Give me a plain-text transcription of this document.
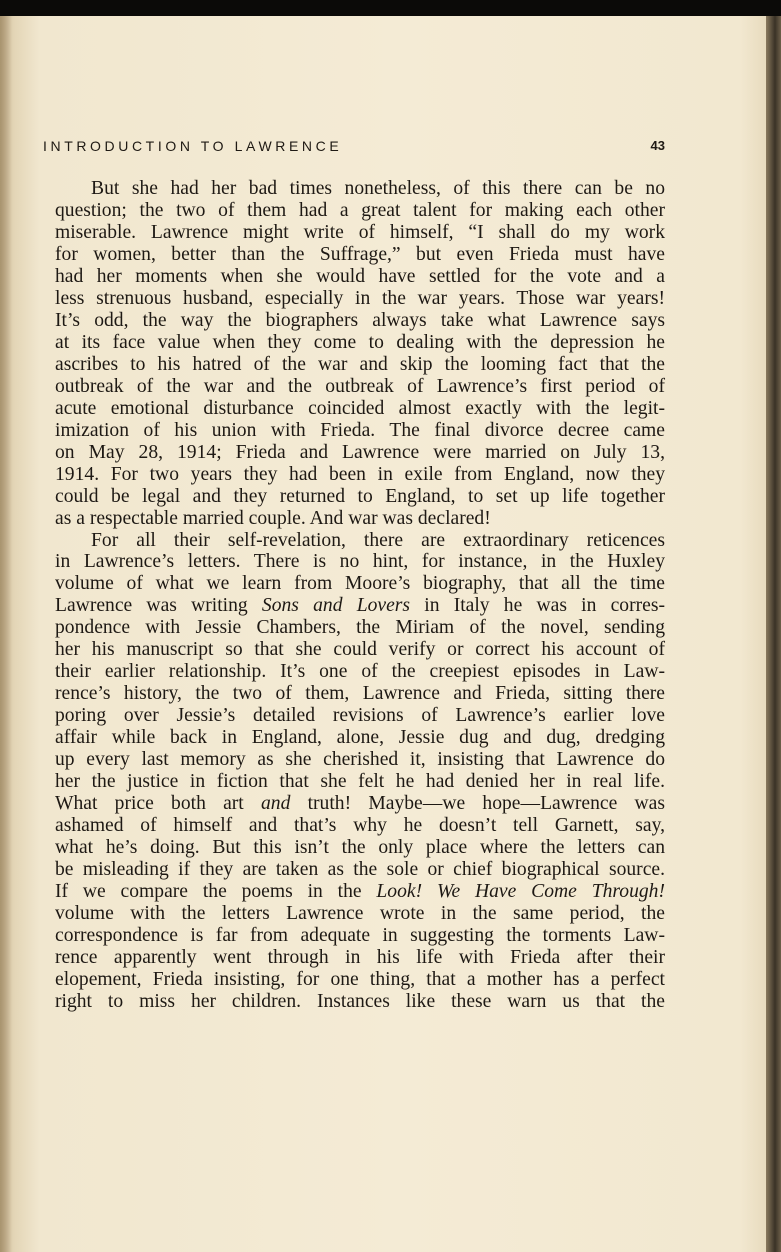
INTRODUCTION TO LAWRENCE	43
But she had her bad times nonetheless, of this there can be no
question; the two of them had a great talent for making each other
miserable. Lawrence might write of himself, “I shall do my work
for women, better than the Suffrage,” but even Frieda must have
had her moments when she would have settled for the vote and a
less strenuous husband, especially in the war years. Those war years!
It’s odd, the way the biographers always take what Lawrence says
at its face value when they come to dealing with the depression he
ascribes to his hatred of the war and skip the looming fact that the
outbreak of the war and the outbreak of Lawrence’s first period of
acute emotional disturbance coincided almost exactly with the legit-
imization of his union with Frieda. The final divorce decree came
on May 28, 1914; Frieda and Lawrence were married on July 13,
1914. For two years they had been in exile from England, now they
could be legal and they returned to England, to set up life together
as a respectable married couple. And war was declared!
For all their self-revelation, there are extraordinary reticences
in Lawrence’s letters. There is no hint, for instance, in the Huxley
volume of what we learn from Moore’s biography, that all the time
Lawrence was writing Sons and Lovers in Italy he was in corres-
pondence with Jessie Chambers, the Miriam of the novel, sending
her his manuscript so that she could verify or correct his account of
their earlier relationship. It’s one of the creepiest episodes in Law-
rence’s history, the two of them, Lawrence and Frieda, sitting there
poring over Jessie’s detailed revisions of Lawrence’s earlier love
affair while back in England, alone, Jessie dug and dug, dredging
up every last memory as she cherished it, insisting that Lawrence do
her the justice in fiction that she felt he had denied her in real life.
What price both art and truth! Maybe—we hope—Lawrence was
ashamed of himself and that’s why he doesn’t tell Garnett, say,
what he’s doing. But this isn’t the only place where the letters can
be misleading if they are taken as the sole or chief biographical source.
If we compare the poems in the Look! We Have Come Through!
volume with the letters Lawrence wrote in the same period, the
correspondence is far from adequate in suggesting the torments Law-
rence apparently went through in his life with Frieda after their
elopement, Frieda insisting, for one thing, that a mother has a perfect
right to miss her children. Instances like these warn us that the
